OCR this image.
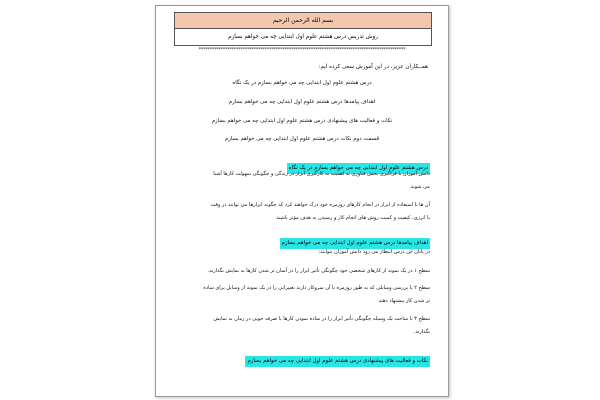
بسم الله الرحمن الرحیم
روش تدریس درس هشتم علوم اول ابتدایی چه می خواهم بسازم
**********************************************************************************************
همــکاران عزیز، در این آموزش سعی کرده ایم:
درس هشتم علوم اول ابتدایی چه می خواهم بسازم در یک نگاه
اهداف پیامدها درس هشتم علوم اول ابتدایی چه می خواهم بسازم
نکات و فعالیت های پیشنهادی درس هشتم علوم اول ابتدایی چه می خواهم بسازم
قسمت دوم نکات درس هشتم علوم اول ابتدایی چه می خواهم بسازم
درس هشتم علوم اول ابتدایی چه می خواهم بسازم در یک نگاه
دانش آموزان با فراگیری بخش فناوری به اهمیت به کارگیری ابزار در زندگی و چگونگی سهولت کارها آشنا
می شوند.
آن ها با استفاده از ابزار در انجام کارهای روزمره خود درک خواهند کرد که چگونه ابزارها می توانند در وقت
یا انرژی، کیفیت و کمیت روش های انجام کار و رسیدن به هدف مؤثر باشند.
اهداف پیامدها درس هشتم علوم اول ابتدایی چه می خواهم بسازم
در پایان این درس انتظار می رود دانش آموزان بتوانند:
سطح ۱ در یک نمونه از کارهای شخصی خود چگونگی تأثیر ابزار را در آسان تر شدن کارها به نمایش بگذارند.
سطح ۲ با بررسی وسایلی که به طور روزمره با آن سروکار دارند تغییراتی را در یک نمونه از وسایل برای ساده
تر شدن کار پیشنهاد دهند.
سطح ۳ با ساخت یک وسیله چگونگی تأثیر ابزار را در ساده نمودن کارها با صرفه جویی در زمان به نمایش
بگذارند.
نکات و فعالیت های پیشنهادی درس هشتم علوم اول ابتدایی چه می خواهم بسازم
